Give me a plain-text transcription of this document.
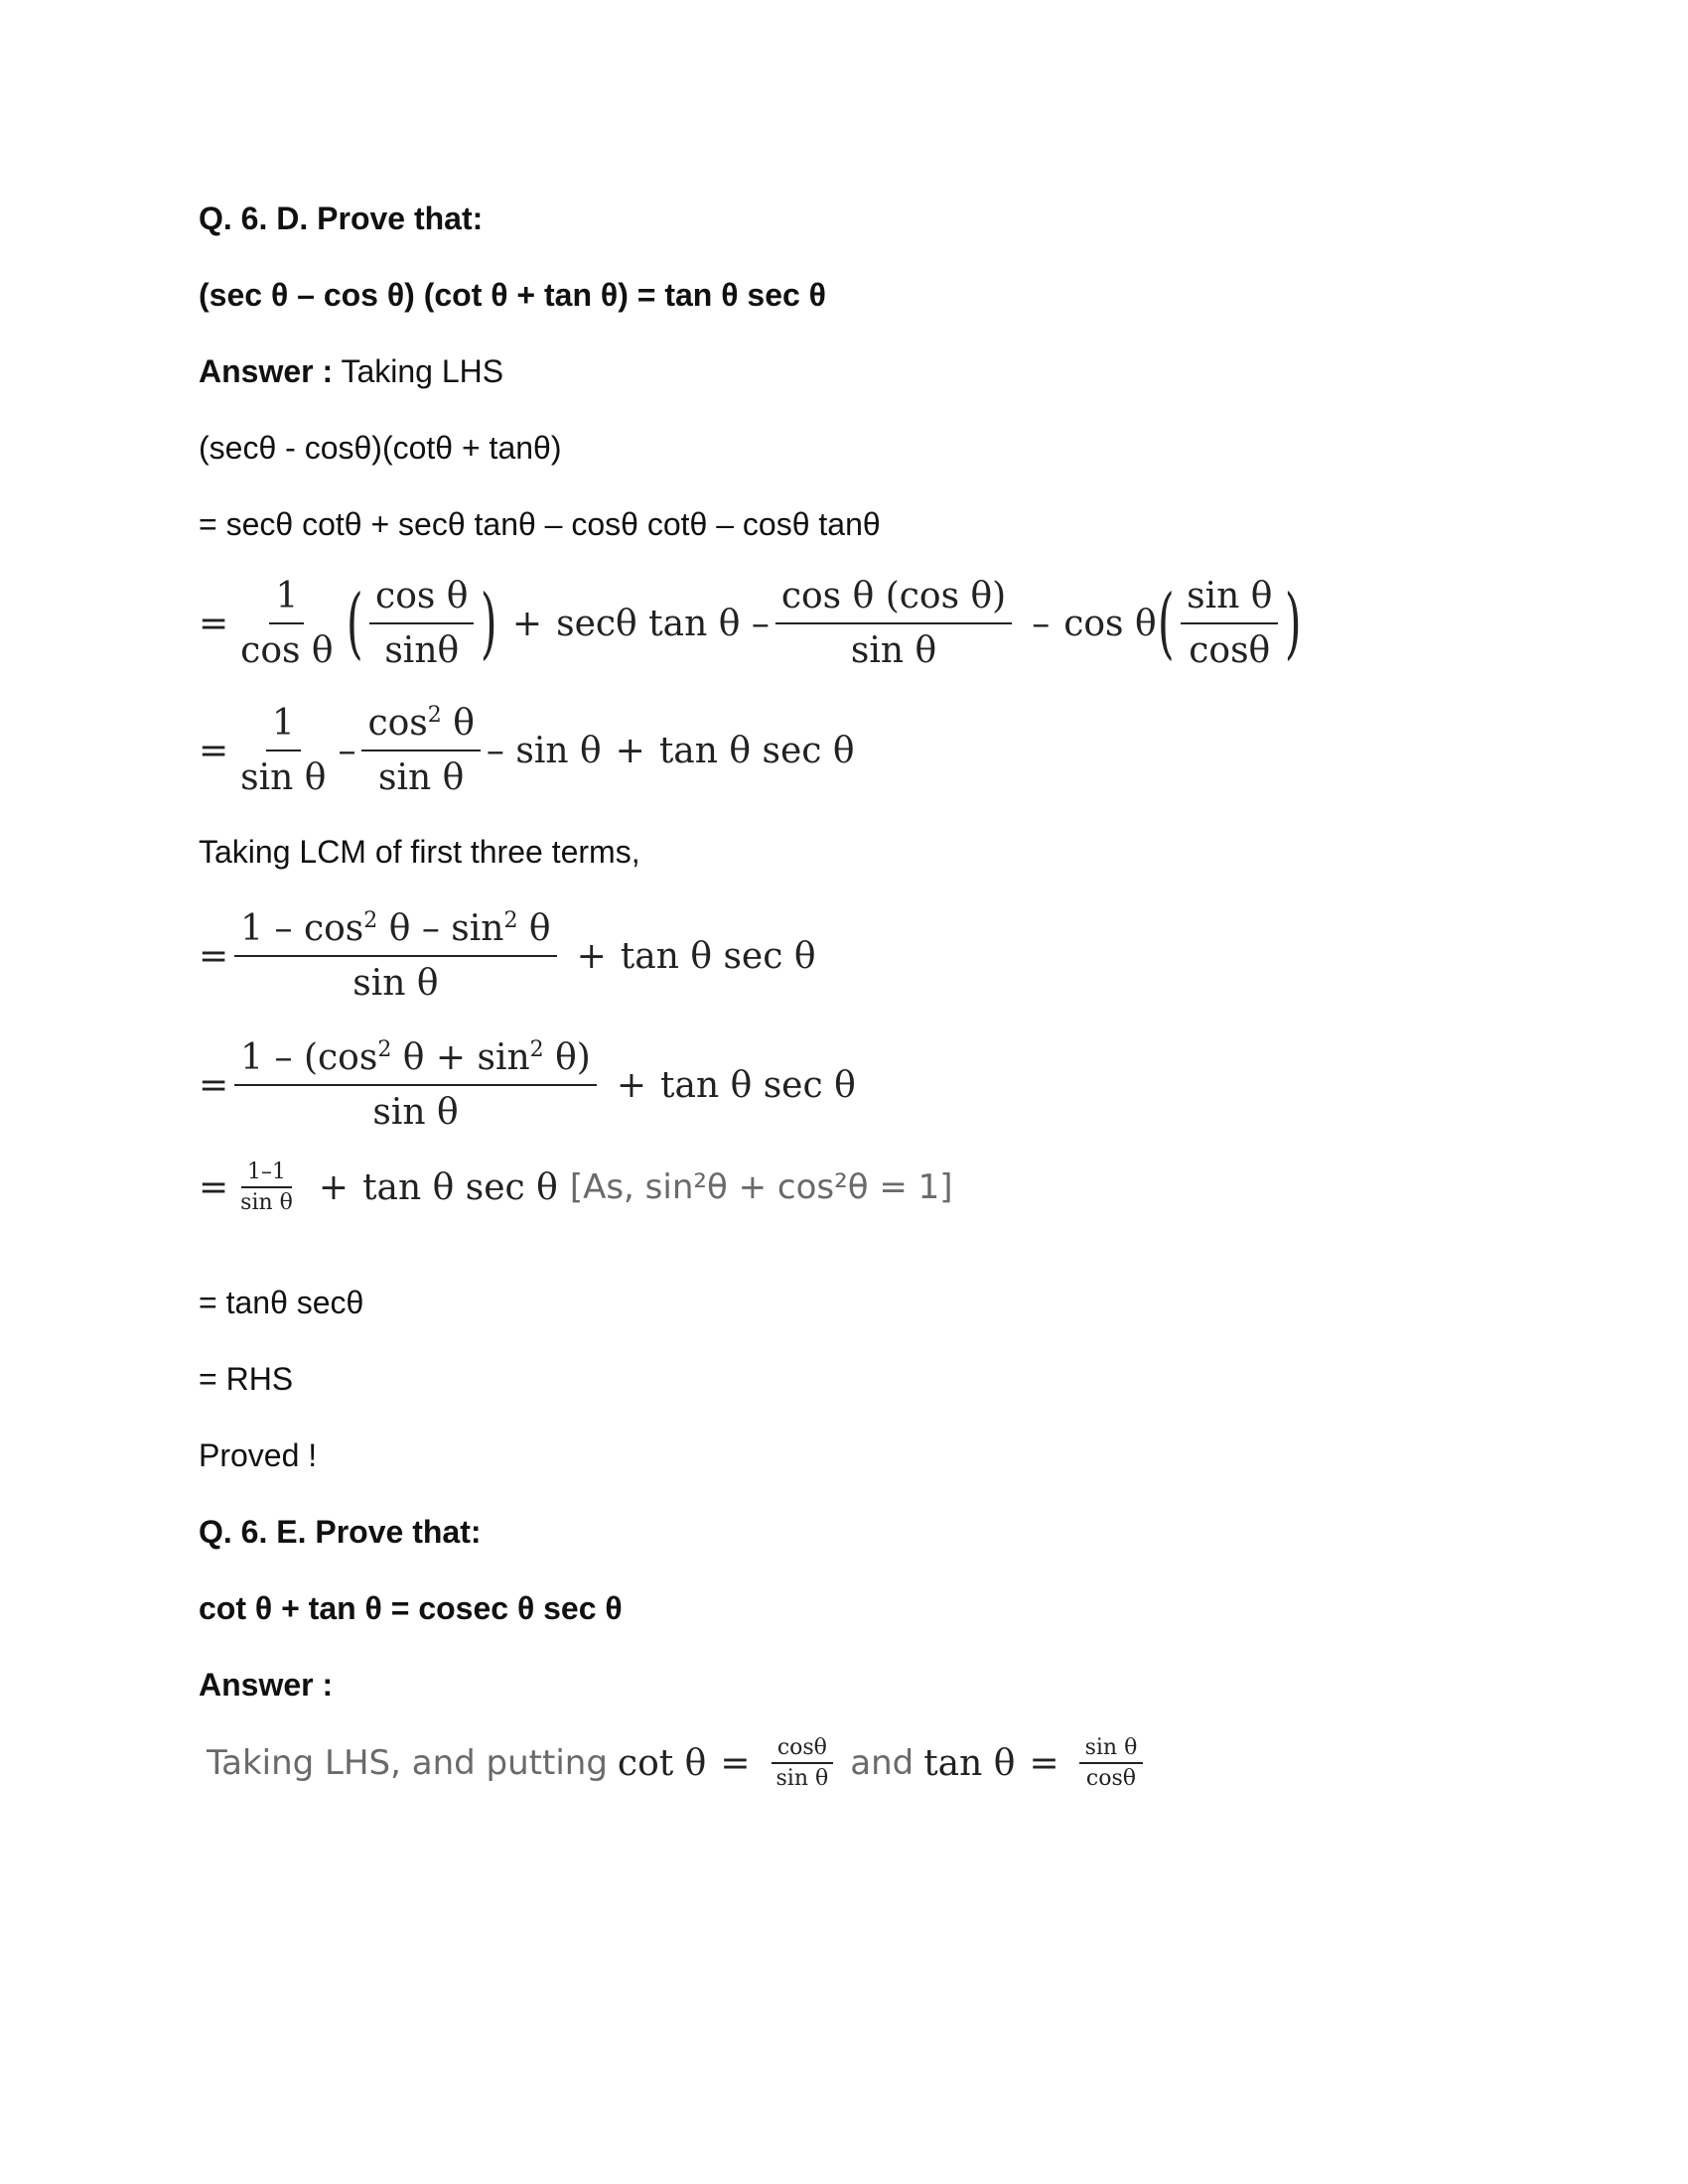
Q. 6. D. Prove that:
(sec θ – cos θ) (cot θ + tan θ) = tan θ sec θ
Answer : Taking LHS
(secθ - cosθ)(cotθ + tanθ)
= secθ cotθ + secθ tanθ – cosθ cotθ – cosθ tanθ
= $\frac{1}{\text{cos θ}}$ ( $\frac{\text{cos θ}}{\sin\theta}$ ) + secθ tan θ – $\frac{\text{cos θ (cos θ)}}{\text{sin θ}}$ – cos θ ( $\frac{\text{sin θ}}{\cos\theta}$ )
= $\frac{1}{\text{sin θ}} - \frac{\cos^2 \theta}{\text{sin θ}} - \sin \theta + \tan \theta$ sec θ
Taking LCM of first three terms,
= $\frac{1 - \cos^2 \theta - \sin^2 \theta}{\text{sin θ}} + \tan \theta$ sec θ
= $\frac{1 - (\cos^2 \theta + \sin^2 \theta)}{\text{sin θ}} + \tan \theta$ sec θ
= $\frac{1-1}{\text{sin θ}} + \tan \theta$ sec θ [As, sin²θ + cos²θ = 1]
= tanθ secθ
= RHS
Proved !
Q. 6. E. Prove that:
cot θ + tan θ = cosec θ sec θ
Answer :
Taking LHS, and putting $\cot \theta = \frac{\cos\theta}{\text{sin θ}}$ and $\tan \theta = \frac{\text{sin θ}}{\cos\theta}$
